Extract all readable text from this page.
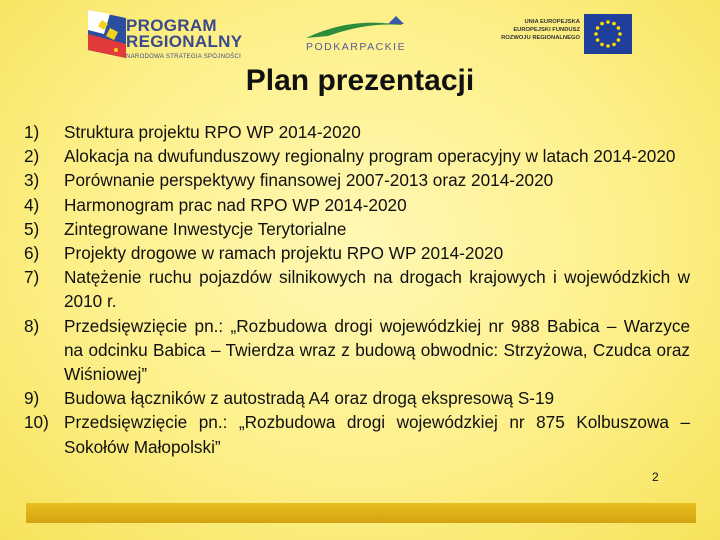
PROGRAM
REGIONALNY
NARODOWA STRATEGIA SPÓJNOŚCI
PODKARPACKIE
UNIA EUROPEJSKA
EUROPEJSKI FUNDUSZ
ROZWOJU REGIONALNEGO
Plan prezentacji
1) Struktura projektu RPO WP 2014-2020
2) Alokacja na dwufunduszowy regionalny program operacyjny w latach 2014-2020
3) Porównanie perspektywy finansowej 2007-2013 oraz 2014-2020
4) Harmonogram prac nad RPO WP 2014-2020
5) Zintegrowane Inwestycje Terytorialne
6) Projekty drogowe w ramach projektu RPO WP 2014-2020
7) Natężenie ruchu pojazdów silnikowych na drogach krajowych i wojewódzkich w 2010 r.
8) Przedsięwzięcie pn.: „Rozbudowa drogi wojewódzkiej nr 988 Babica – Warzyce na odcinku Babica – Twierdza wraz z budową obwodnic: Strzyżowa, Czudca oraz Wiśniowej”
9) Budowa łączników z autostradą A4 oraz drogą ekspresową S-19
10) Przedsięwzięcie pn.: „Rozbudowa drogi wojewódzkiej nr 875 Kolbuszowa – Sokołów Małopolski”
2
